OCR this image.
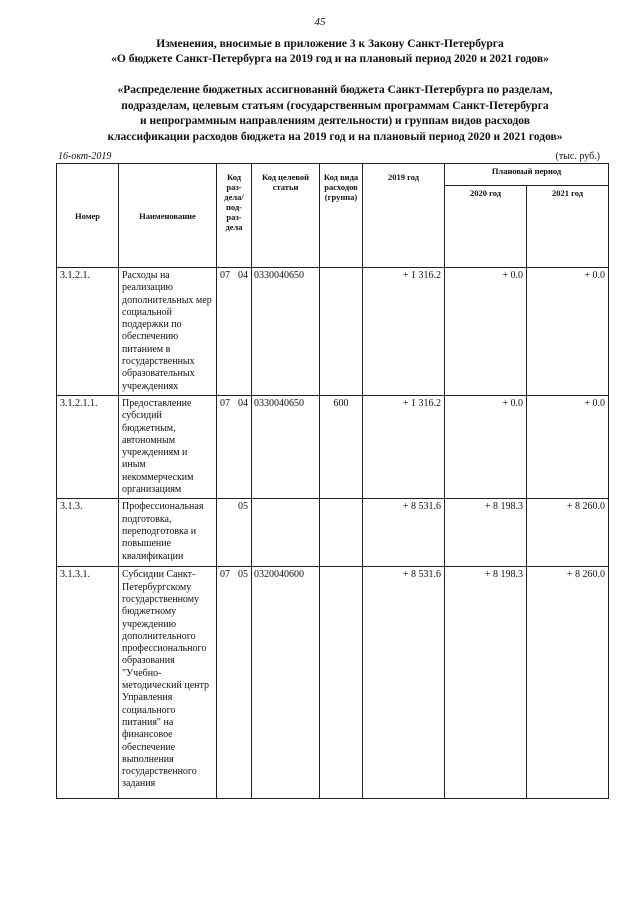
45
Изменения, вносимые в приложение 3 к Закону Санкт-Петербурга
«О бюджете Санкт-Петербурга на 2019 год и на плановый период 2020 и 2021 годов»
«Распределение бюджетных ассигнований бюджета Санкт-Петербурга по разделам,
подразделам, целевым статьям (государственным программам Санкт-Петербурга
и непрограммным направлениям деятельности) и группам видов расходов
классификации расходов бюджета на 2019 год и на плановый период 2020 и 2021 годов»
16-окт-2019	(тыс. руб.)
Номер	Наименование	Код раз-дела/ под-раз-дела		Код целевой статьи	Код вида расходов (группа)	2019 год	Плановый период	
							2020 год	2021 год
3.1.2.1.	Расходы на реализацию дополнительных мер социальной поддержки по обеспечению питанием в государственных образовательных учреждениях	07	04	0330040650		+ 1 316.2	+ 0.0	+ 0.0
3.1.2.1.1.	Предоставление субсидий бюджетным, автономным учреждениям и иным некоммерческим организациям	07	04	0330040650	600	+ 1 316.2	+ 0.0	+ 0.0
3.1.3.	Профессиональная подготовка, переподготовка и повышение квалификации		05			+ 8 531.6	+ 8 198.3	+ 8 260.0
3.1.3.1.	Субсидии Санкт-Петербургскому государственному бюджетному учреждению дополнительного профессионального образования "Учебно-методический центр Управления социального питания" на финансовое обеспечение выполнения государственного задания	07	05	0320040600		+ 8 531.6	+ 8 198.3	+ 8 260.0
